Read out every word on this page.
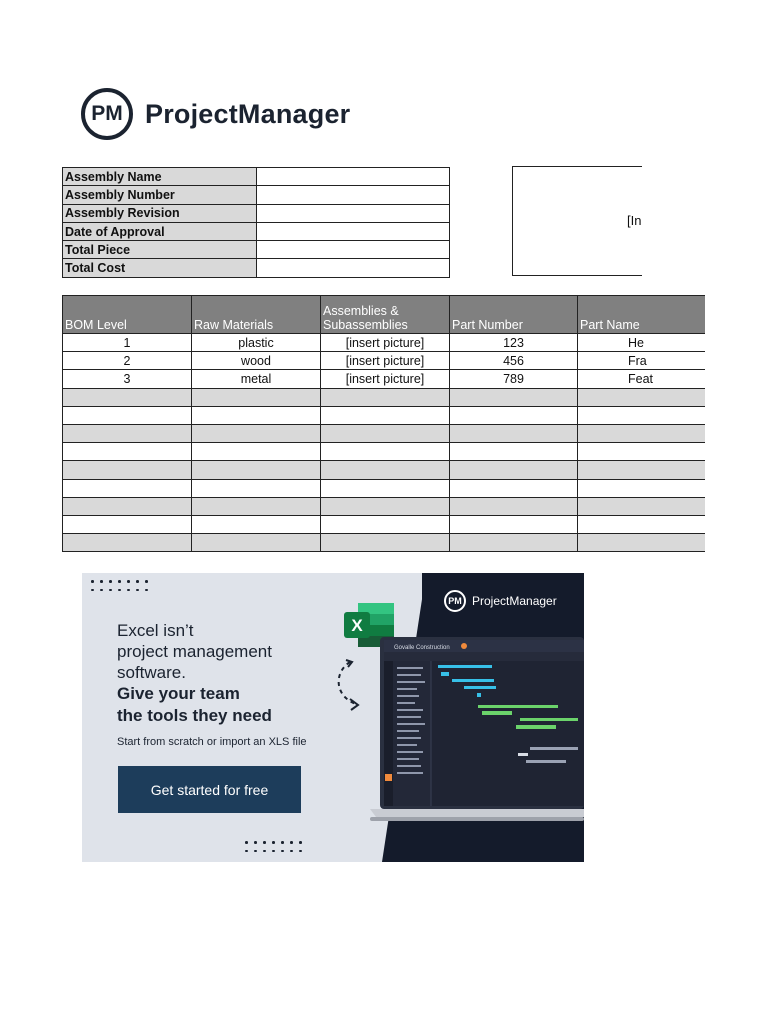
PM ProjectManager
Assembly Name	
Assembly Number	
Assembly Revision	
Date of Approval	
Total Piece	
Total Cost	
[In
BOM Level	Raw Materials	Assemblies & Subassemblies	Part Number	Part Name
1	plastic	[insert picture]	123	He
2	wood	[insert picture]	456	Fra
3	metal	[insert picture]	789	Feat

Excel isn’t
project management
software.
Give your team
the tools they need
Start from scratch or import an XLS file
Get started for free
PM ProjectManager
X
Govalle Construction
